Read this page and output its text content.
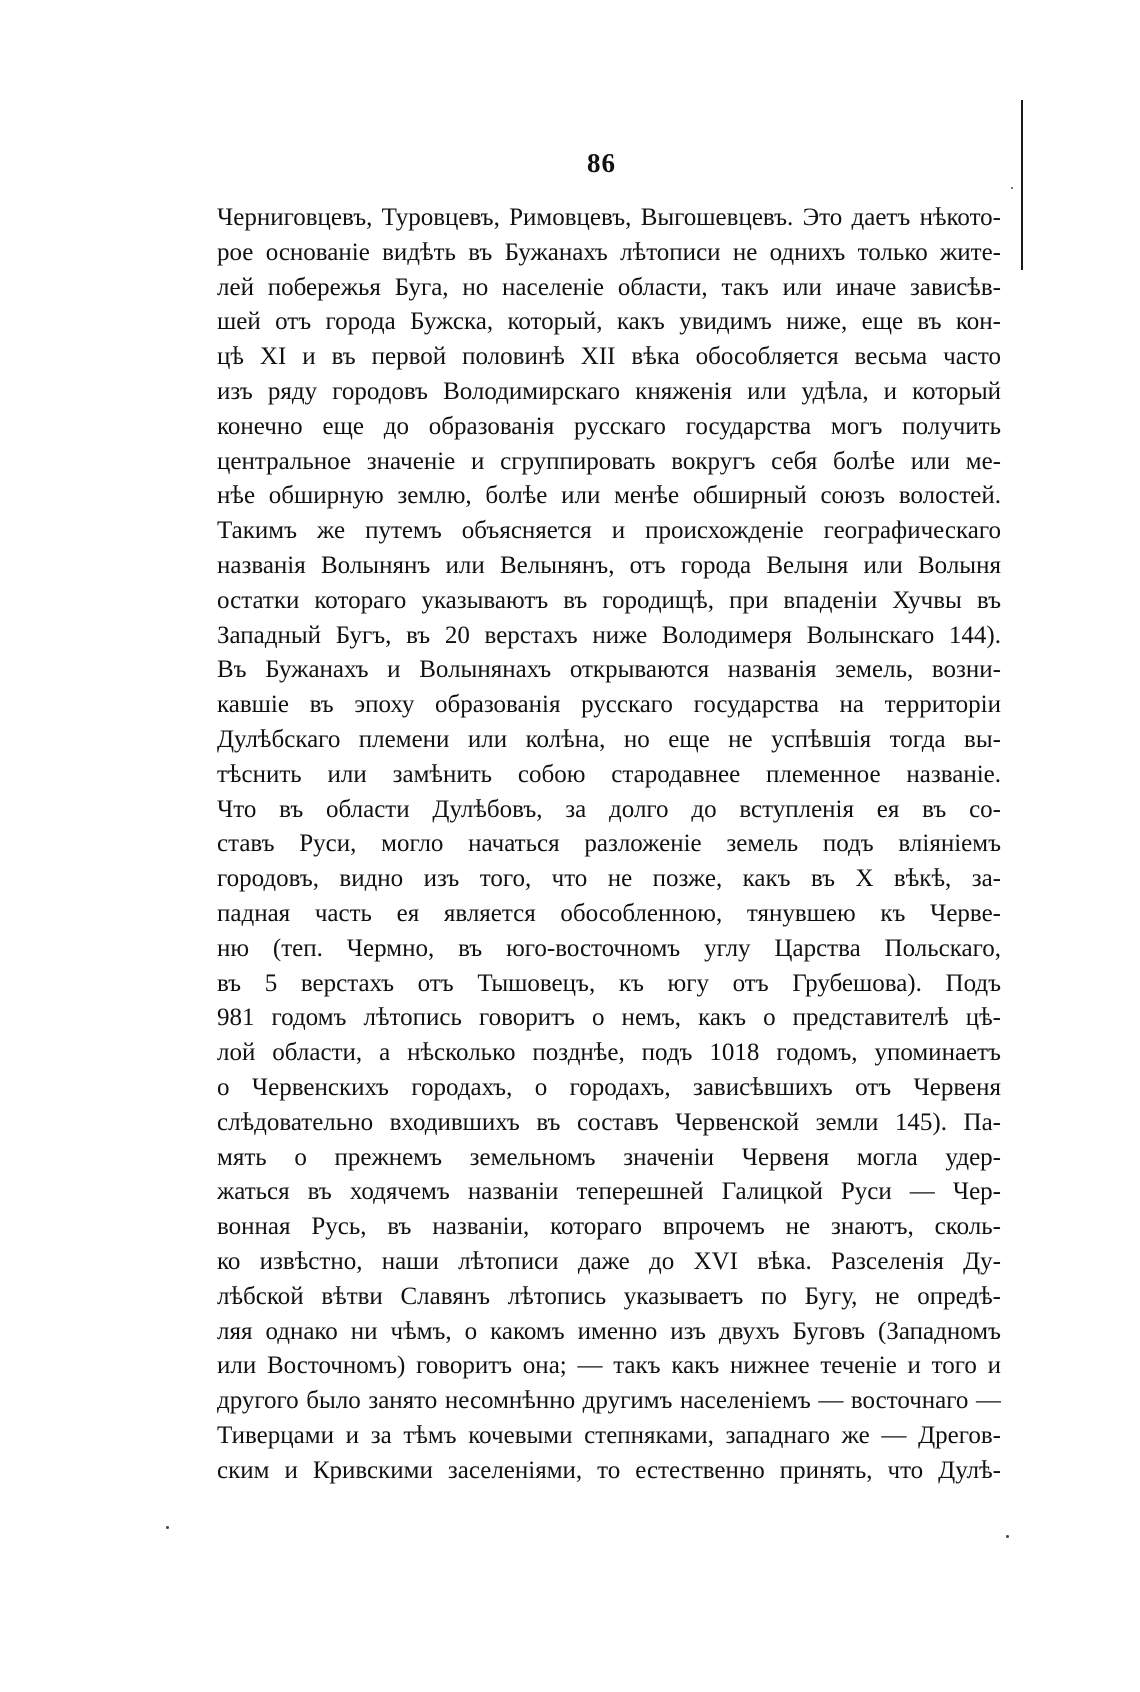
86
Черниговцевъ, Туровцевъ, Римовцевъ, Выгошевцевъ. Это даетъ нѣкото-
рое основаніе видѣть въ Бужанахъ лѣтописи не однихъ только жите-
лей побережья Буга, но населеніе области, такъ или иначе зависѣв-
шей отъ города Бужска, который, какъ увидимъ ниже, еще въ кон-
цѣ XI и въ первой половинѣ XII вѣка обособляется весьма часто
изъ ряду городовъ Володимирскаго княженія или удѣла, и который
конечно еще до образованія русскаго государства могъ получить
центральное значеніе и сгруппировать вокругъ себя болѣе или ме-
нѣе обширную землю, болѣе или менѣе обширный союзъ волостей.
Такимъ же путемъ объясняется и происхожденіе географическаго
названія Волынянъ или Велынянъ, отъ города Велыня или Волыня
остатки котораго указываютъ въ городищѣ, при впаденіи Хучвы въ
Западный Бугъ, въ 20 верстахъ ниже Володимеря Волынскаго 144).
Въ Бужанахъ и Волынянахъ открываются названія земель, возни-
кавшіе въ эпоху образованія русскаго государства на территоріи
Дулѣбскаго племени или колѣна, но еще не успѣвшія тогда вы-
тѣснить или замѣнить собою стародавнее племенное названіе.
Что въ области Дулѣбовъ, за долго до вступленія ея въ со-
ставъ Руси, могло начаться разложеніе земель подъ вліяніемъ
городовъ, видно изъ того, что не позже, какъ въ X вѣкѣ, за-
падная часть ея является обособленною, тянувшею къ Черве-
ню (теп. Чермно, въ юго-восточномъ углу Царства Польскаго,
въ 5 верстахъ отъ Тышовецъ, къ югу отъ Грубешова). Подъ
981 годомъ лѣтопись говоритъ о немъ, какъ о представителѣ цѣ-
лой области, а нѣсколько позднѣе, подъ 1018 годомъ, упоминаетъ
о Червенскихъ городахъ, о городахъ, зависѣвшихъ отъ Червеня
слѣдовательно входившихъ въ составъ Червенской земли 145). Па-
мять о прежнемъ земельномъ значеніи Червеня могла удер-
жаться въ ходячемъ названіи теперешней Галицкой Руси — Чер-
вонная Русь, въ названіи, котораго впрочемъ не знаютъ, сколь-
ко извѣстно, наши лѣтописи даже до XVI вѣка. Разселенія Ду-
лѣбской вѣтви Славянъ лѣтопись указываетъ по Бугу, не опредѣ-
ляя однако ни чѣмъ, о какомъ именно изъ двухъ Буговъ (Западномъ
или Восточномъ) говоритъ она; — такъ какъ нижнее теченіе и того и
другого было занято несомнѣнно другимъ населеніемъ — восточнаго —
Тиверцами и за тѣмъ кочевыми степняками, западнаго же — Дрегов-
ским и Кривскими заселеніями, то естественно принять, что Дулѣ-
